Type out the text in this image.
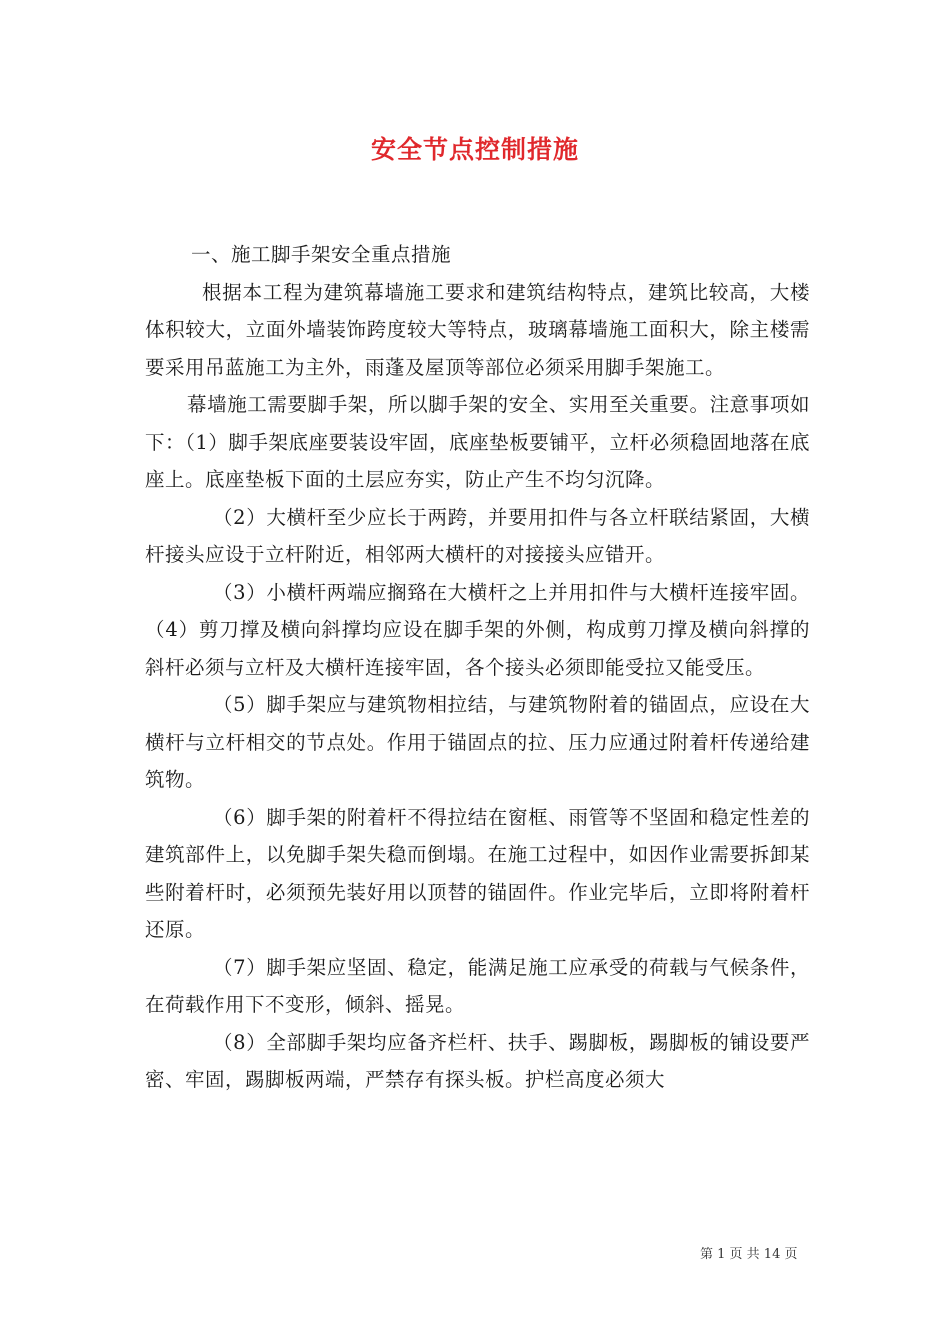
安全节点控制措施

一、施工脚手架安全重点措施

根据本工程为建筑幕墙施工要求和建筑结构特点，建筑比较高，大楼体积较大，立面外墙装饰跨度较大等特点，玻璃幕墙施工面积大，除主楼需要采用吊蓝施工为主外，雨蓬及屋顶等部位必须采用脚手架施工。

幕墙施工需要脚手架，所以脚手架的安全、实用至关重要。注意事项如下：（1）脚手架底座要装设牢固，底座垫板要铺平，立杆必须稳固地落在底座上。底座垫板下面的土层应夯实，防止产生不均匀沉降。

（2）大横杆至少应长于两跨，并要用扣件与各立杆联结紧固，大横杆接头应设于立杆附近，相邻两大横杆的对接接头应错开。

（3）小横杆两端应搁臵在大横杆之上并用扣件与大横杆连接牢固。（4）剪刀撑及横向斜撑均应设在脚手架的外侧，构成剪刀撑及横向斜撑的斜杆必须与立杆及大横杆连接牢固，各个接头必须即能受拉又能受压。

（5）脚手架应与建筑物相拉结，与建筑物附着的锚固点，应设在大横杆与立杆相交的节点处。作用于锚固点的拉、压力应通过附着杆传递给建筑物。

（6）脚手架的附着杆不得拉结在窗框、雨管等不坚固和稳定性差的建筑部件上，以免脚手架失稳而倒塌。在施工过程中，如因作业需要拆卸某些附着杆时，必须预先装好用以顶替的锚固件。作业完毕后，立即将附着杆还原。

（7）脚手架应坚固、稳定，能满足施工应承受的荷载与气候条件，在荷载作用下不变形，倾斜、摇晃。

（8）全部脚手架均应备齐栏杆、扶手、踢脚板，踢脚板的铺设要严密、牢固，踢脚板两端，严禁存有探头板。护栏高度必须大

第 1 页 共 14 页
